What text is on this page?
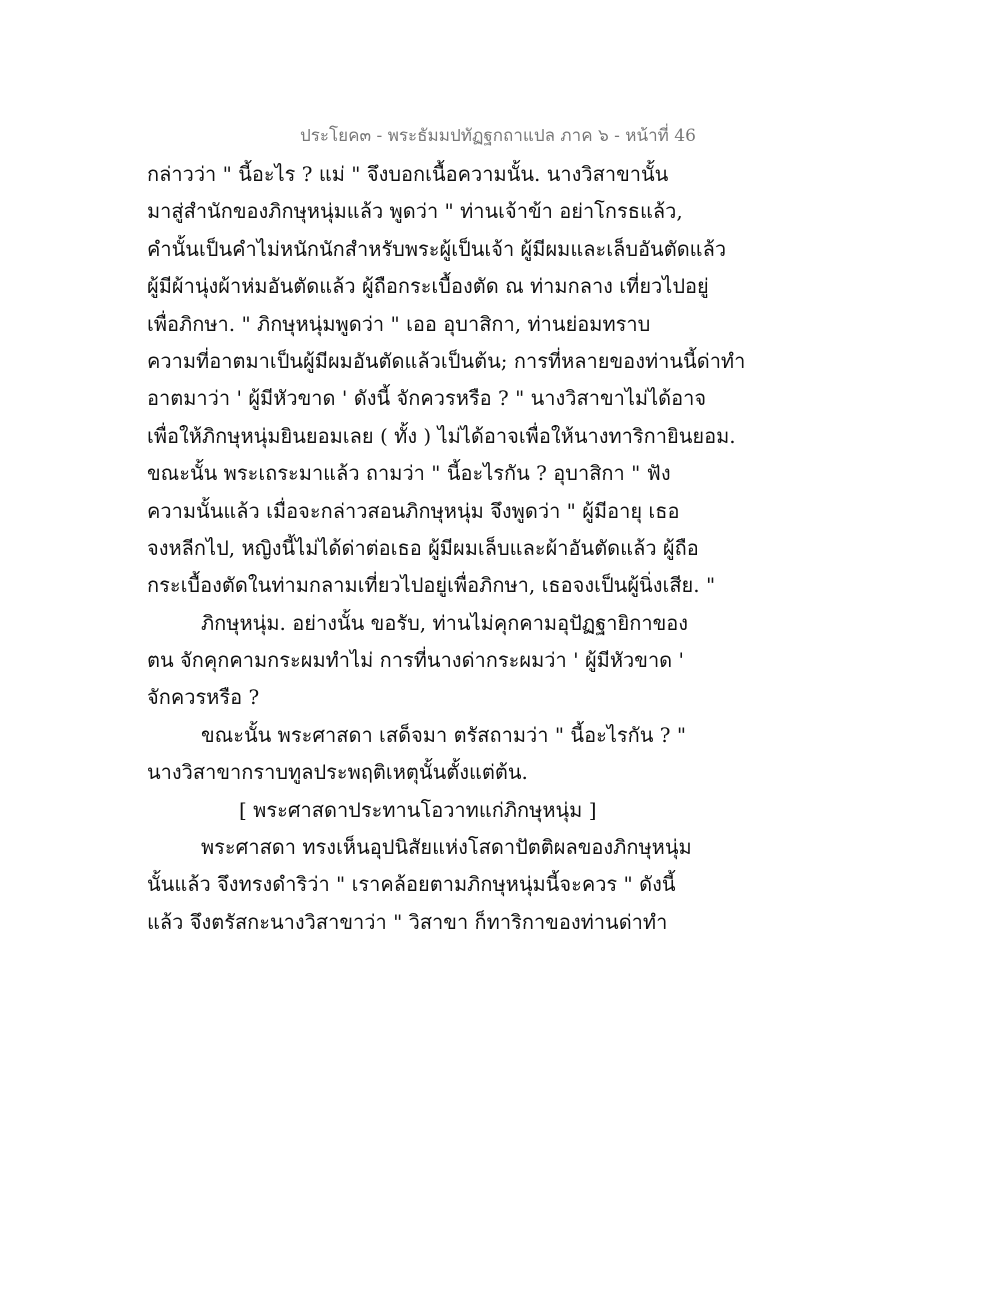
ประโยค๓ - พระธัมมปทัฏฐกถาแปล ภาค ๖ - หน้าที่ 46
กล่าวว่า " นี้อะไร ? แม่ " จึงบอกเนื้อความนั้น. นางวิสาขานั้น
มาสู่สำนักของภิกษุหนุ่มแล้ว พูดว่า " ท่านเจ้าข้า อย่าโกรธแล้ว,
คำนั้นเป็นคำไม่หนักนักสำหรับพระผู้เป็นเจ้า ผู้มีผมและเล็บอันตัดแล้ว
ผู้มีผ้านุ่งผ้าห่มอันตัดแล้ว ผู้ถือกระเบื้องตัด ณ ท่ามกลาง เที่ยวไปอยู่
เพื่อภิกษา. " ภิกษุหนุ่มพูดว่า " เออ อุบาสิกา, ท่านย่อมทราบ
ความที่อาตมาเป็นผู้มีผมอันตัดแล้วเป็นต้น; การที่หลายของท่านนี้ด่าทำ
อาตมาว่า ' ผู้มีหัวขาด ' ดังนี้ จักควรหรือ ? " นางวิสาขาไม่ได้อาจ
เพื่อให้ภิกษุหนุ่มยินยอมเลย ( ทั้ง ) ไม่ได้อาจเพื่อให้นางทาริกายินยอม.
ขณะนั้น พระเถระมาแล้ว ถามว่า " นี้อะไรกัน ? อุบาสิกา " ฟัง
ความนั้นแล้ว เมื่อจะกล่าวสอนภิกษุหนุ่ม จึงพูดว่า " ผู้มีอายุ เธอ
จงหลีกไป, หญิงนี้ไม่ได้ด่าต่อเธอ ผู้มีผมเล็บและผ้าอันตัดแล้ว ผู้ถือ
กระเบื้องตัดในท่ามกลามเที่ยวไปอยู่เพื่อภิกษา, เธอจงเป็นผู้นิ่งเสีย. "
ภิกษุหนุ่ม. อย่างนั้น ขอรับ, ท่านไม่คุกคามอุปัฏฐายิกาของ
ตน จักคุกคามกระผมทำไม่ การที่นางด่ากระผมว่า ' ผู้มีหัวขาด '
จักควรหรือ ?
ขณะนั้น พระศาสดา เสด็จมา ตรัสถามว่า " นี้อะไรกัน ? "
นางวิสาขากราบทูลประพฤติเหตุนั้นตั้งแต่ต้น.
[ พระศาสดาประทานโอวาทแก่ภิกษุหนุ่ม ]
พระศาสดา ทรงเห็นอุปนิสัยแห่งโสดาปัตติผลของภิกษุหนุ่ม
นั้นแล้ว จึงทรงดำริว่า " เราคล้อยตามภิกษุหนุ่มนี้จะควร " ดังนี้
แล้ว จึงตรัสกะนางวิสาขาว่า " วิสาขา ก็ทาริกาของท่านด่าทำ
